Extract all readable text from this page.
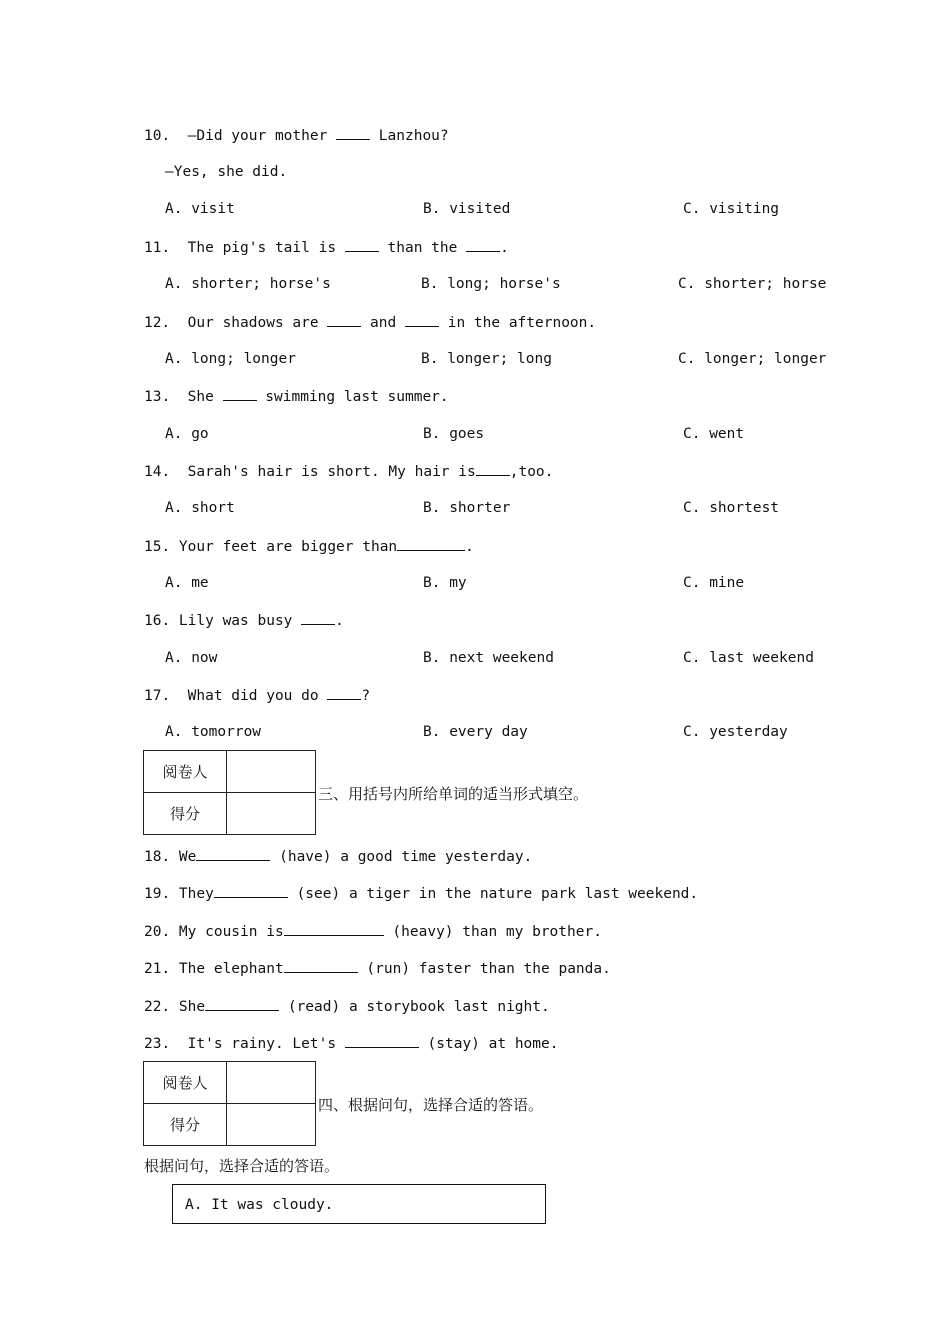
10.  —Did your mother  Lanzhou?
—Yes, she did.
A. visit	B. visited	C. visiting
11.  The pig's tail is  than the .
A. shorter; horse's	B. long; horse's	C. shorter; horse
12.  Our shadows are  and  in the afternoon.
A. long; longer	B. longer; long	C. longer; longer
13.  She  swimming last summer.
A. go	B. goes	C. went
14.  Sarah's hair is short. My hair is ,too.
A. short	B. shorter	C. shortest
15. Your feet are bigger than	.
A. me	B. my	C. mine
16. Lily was busy .
A. now	B. next weekend	C. last weekend
17.  What did you do ?
A. tomorrow	B. every day	C. yesterday
阅卷人	
得分	
三、用括号内所给单词的适当形式填空。
18. We	(have) a good time yesterday.
19. They	(see) a tiger in the nature park last weekend.
20. My cousin is	(heavy) than my brother.
21. The elephant	(run) faster than the panda.
22. She	(read) a storybook last night.
23.  It's rainy. Let's	(stay) at home.
阅卷人	
得分	
四、根据问句，选择合适的答语。
根据问句，选择合适的答语。
A. It was cloudy.
